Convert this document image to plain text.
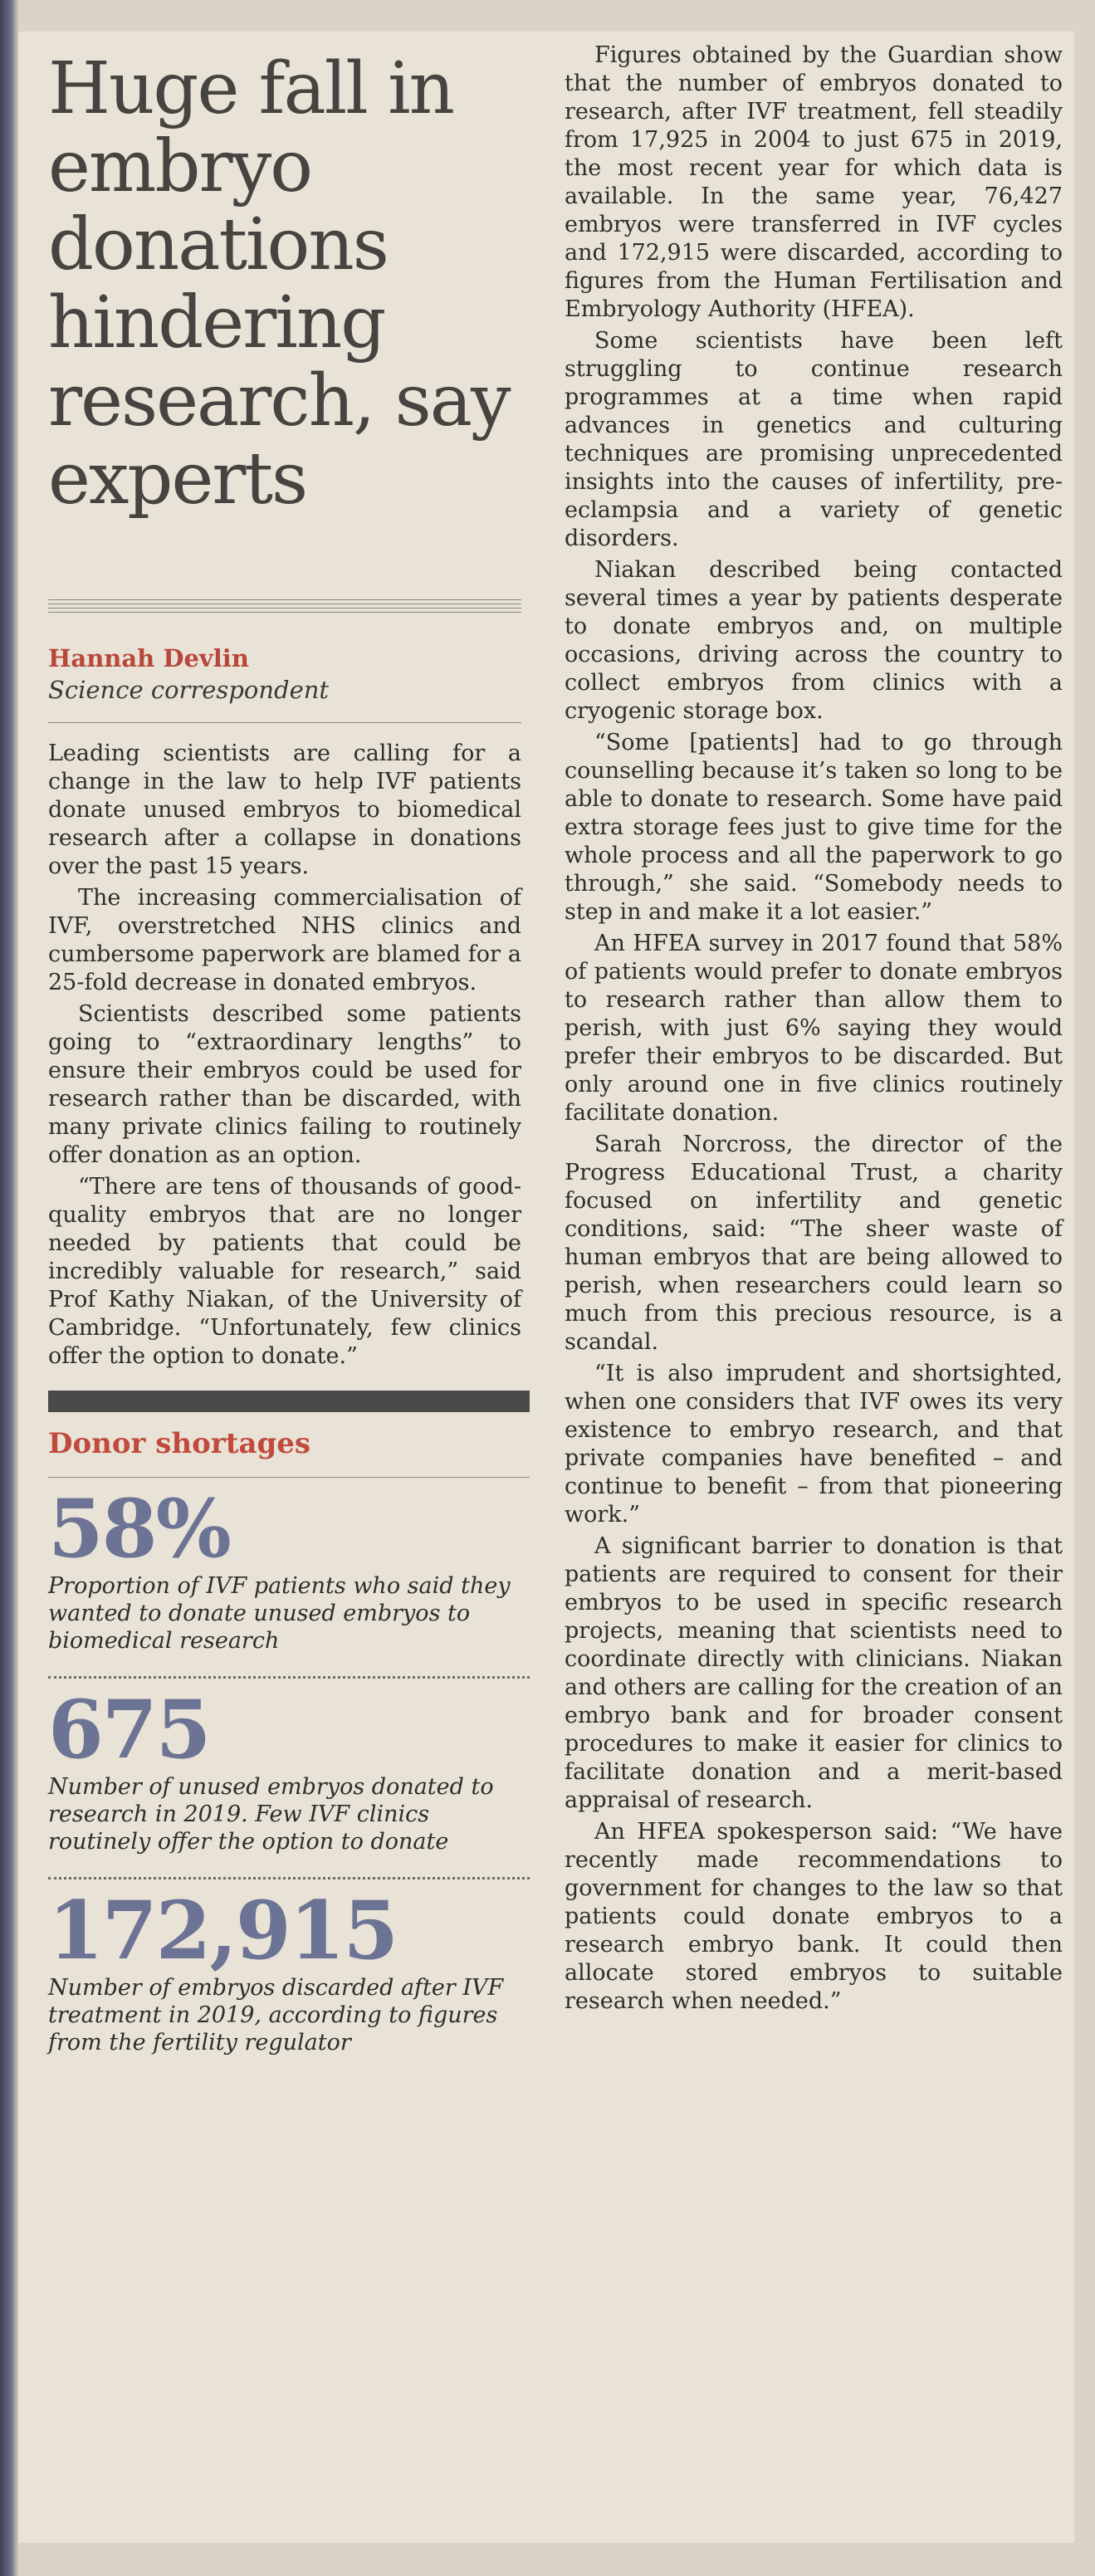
Huge fall in embryo donations hindering research, say experts
Hannah Devlin
Science correspondent

Leading scientists are calling for a change in the law to help IVF patients donate unused embryos to biomedical research after a collapse in donations over the past 15 years.

The increasing commercialisation of IVF, overstretched NHS clinics and cumbersome paperwork are blamed for a 25-fold decrease in donated embryos.

Scientists described some patients going to “extraordinary lengths” to ensure their embryos could be used for research rather than be discarded, with many private clinics failing to routinely offer donation as an option.

“There are tens of thousands of good-quality embryos that are no longer needed by patients that could be incredibly valuable for research,” said Prof Kathy Niakan, of the University of Cambridge. “Unfortunately, few clinics offer the option to donate.”

Donor shortages
58%
Proportion of IVF patients who said they wanted to donate unused embryos to biomedical research
675
Number of unused embryos donated to research in 2019. Few IVF clinics routinely offer the option to donate
172,915
Number of embryos discarded after IVF treatment in 2019, according to figures from the fertility regulator

Figures obtained by the Guardian show that the number of embryos donated to research, after IVF treatment, fell steadily from 17,925 in 2004 to just 675 in 2019, the most recent year for which data is available. In the same year, 76,427 embryos were transferred in IVF cycles and 172,915 were discarded, according to figures from the Human Fertilisation and Embryology Authority (HFEA).

Some scientists have been left struggling to continue research programmes at a time when rapid advances in genetics and culturing techniques are promising unprecedented insights into the causes of infertility, pre-eclampsia and a variety of genetic disorders.

Niakan described being contacted several times a year by patients desperate to donate embryos and, on multiple occasions, driving across the country to collect embryos from clinics with a cryogenic storage box.

“Some [patients] had to go through counselling because it’s taken so long to be able to donate to research. Some have paid extra storage fees just to give time for the whole process and all the paperwork to go through,” she said. “Somebody needs to step in and make it a lot easier.”

An HFEA survey in 2017 found that 58% of patients would prefer to donate embryos to research rather than allow them to perish, with just 6% saying they would prefer their embryos to be discarded. But only around one in five clinics routinely facilitate donation.

Sarah Norcross, the director of the Progress Educational Trust, a charity focused on infertility and genetic conditions, said: “The sheer waste of human embryos that are being allowed to perish, when researchers could learn so much from this precious resource, is a scandal.

“It is also imprudent and shortsighted, when one considers that IVF owes its very existence to embryo research, and that private companies have benefited – and continue to benefit – from that pioneering work.”

A significant barrier to donation is that patients are required to consent for their embryos to be used in specific research projects, meaning that scientists need to coordinate directly with clinicians. Niakan and others are calling for the creation of an embryo bank and for broader consent procedures to make it easier for clinics to facilitate donation and a merit-based appraisal of research.

An HFEA spokesperson said: “We have recently made recommendations to government for changes to the law so that patients could donate embryos to a research embryo bank. It could then allocate stored embryos to suitable research when needed.”
